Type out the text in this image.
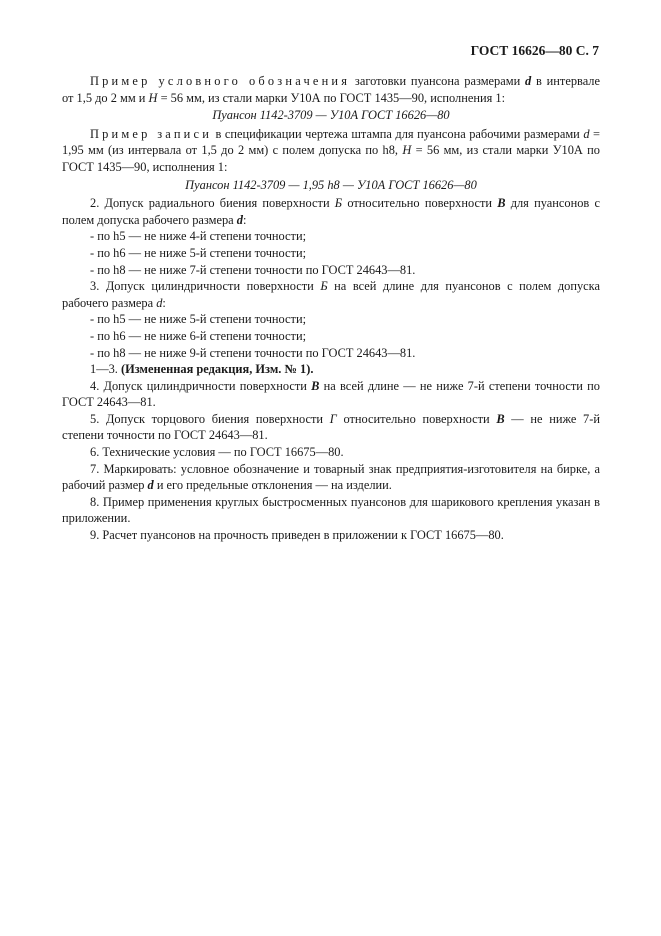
ГОСТ 16626—80 С. 7

Пример условного обозначения заготовки пуансона размерами d в интервале от 1,5 до 2 мм и H = 56 мм, из стали марки У10А по ГОСТ 1435—90, исполнения 1:

Пуансон 1142-3709 — У10А ГОСТ 16626—80

Пример записи в спецификации чертежа штампа для пуансона рабочими размерами d = 1,95 мм (из интервала от 1,5 до 2 мм) с полем допуска по h8, H = 56 мм, из стали марки У10А по ГОСТ 1435—90, исполнения 1:

Пуансон 1142-3709 — 1,95 h8 — У10А ГОСТ 16626—80

2. Допуск радиального биения поверхности Б относительно поверхности В для пуансонов с полем допуска рабочего размера d:

- по h5 — не ниже 4-й степени точности;

- по h6 — не ниже 5-й степени точности;

- по h8 — не ниже 7-й степени точности по ГОСТ 24643—81.

3. Допуск цилиндричности поверхности Б на всей длине для пуансонов с полем допуска рабочего размера d:

- по h5 — не ниже 5-й степени точности;

- по h6 — не ниже 6-й степени точности;

- по h8 — не ниже 9-й степени точности по ГОСТ 24643—81.

1—3. (Измененная редакция, Изм. № 1).

4. Допуск цилиндричности поверхности В на всей длине — не ниже 7-й степени точности по ГОСТ 24643—81.

5. Допуск торцового биения поверхности Г относительно поверхности В — не ниже 7-й степени точности по ГОСТ 24643—81.

6. Технические условия — по ГОСТ 16675—80.

7. Маркировать: условное обозначение и товарный знак предприятия-изготовителя на бирке, а рабочий размер d и его предельные отклонения — на изделии.

8. Пример применения круглых быстросменных пуансонов для шарикового крепления указан в приложении.

9. Расчет пуансонов на прочность приведен в приложении к ГОСТ 16675—80.
